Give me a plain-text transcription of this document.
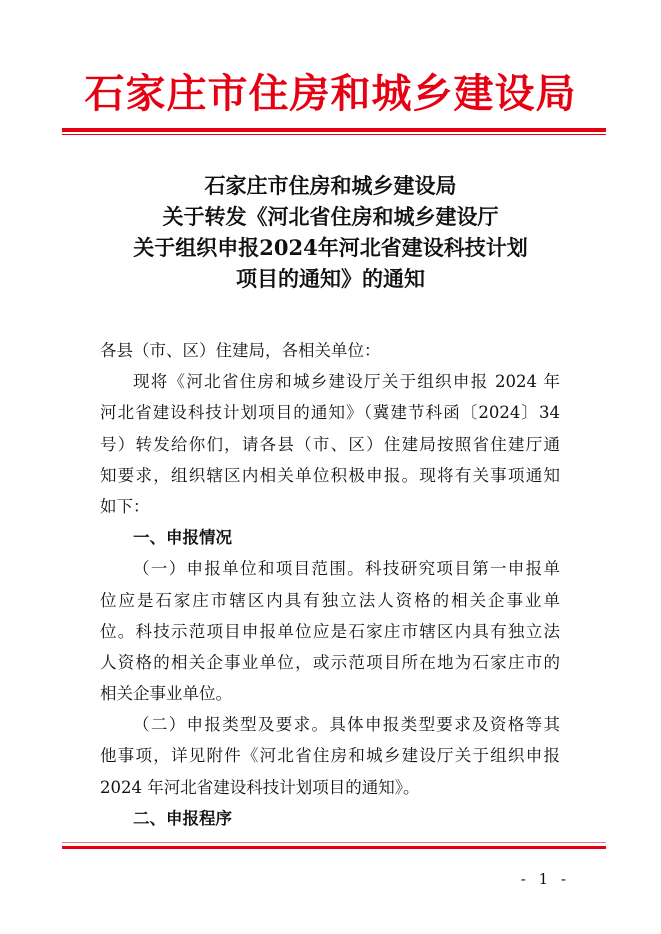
石家庄市住房和城乡建设局
石家庄市住房和城乡建设局
关于转发《河北省住房和城乡建设厅
关于组织申报2024年河北省建设科技计划
项目的通知》的通知
各县（市、区）住建局，各相关单位：
现将《河北省住房和城乡建设厅关于组织申报 2024 年
河北省建设科技计划项目的通知》（冀建节科函〔2024〕34
号）转发给你们，请各县（市、区）住建局按照省住建厅通
知要求，组织辖区内相关单位积极申报。现将有关事项通知
如下：
一、申报情况
（一）申报单位和项目范围。科技研究项目第一申报单
位应是石家庄市辖区内具有独立法人资格的相关企事业单
位。科技示范项目申报单位应是石家庄市辖区内具有独立法
人资格的相关企事业单位，或示范项目所在地为石家庄市的
相关企事业单位。
（二）申报类型及要求。具体申报类型要求及资格等其
他事项，详见附件《河北省住房和城乡建设厅关于组织申报
2024 年河北省建设科技计划项目的通知》。
二、申报程序
- 1 -
